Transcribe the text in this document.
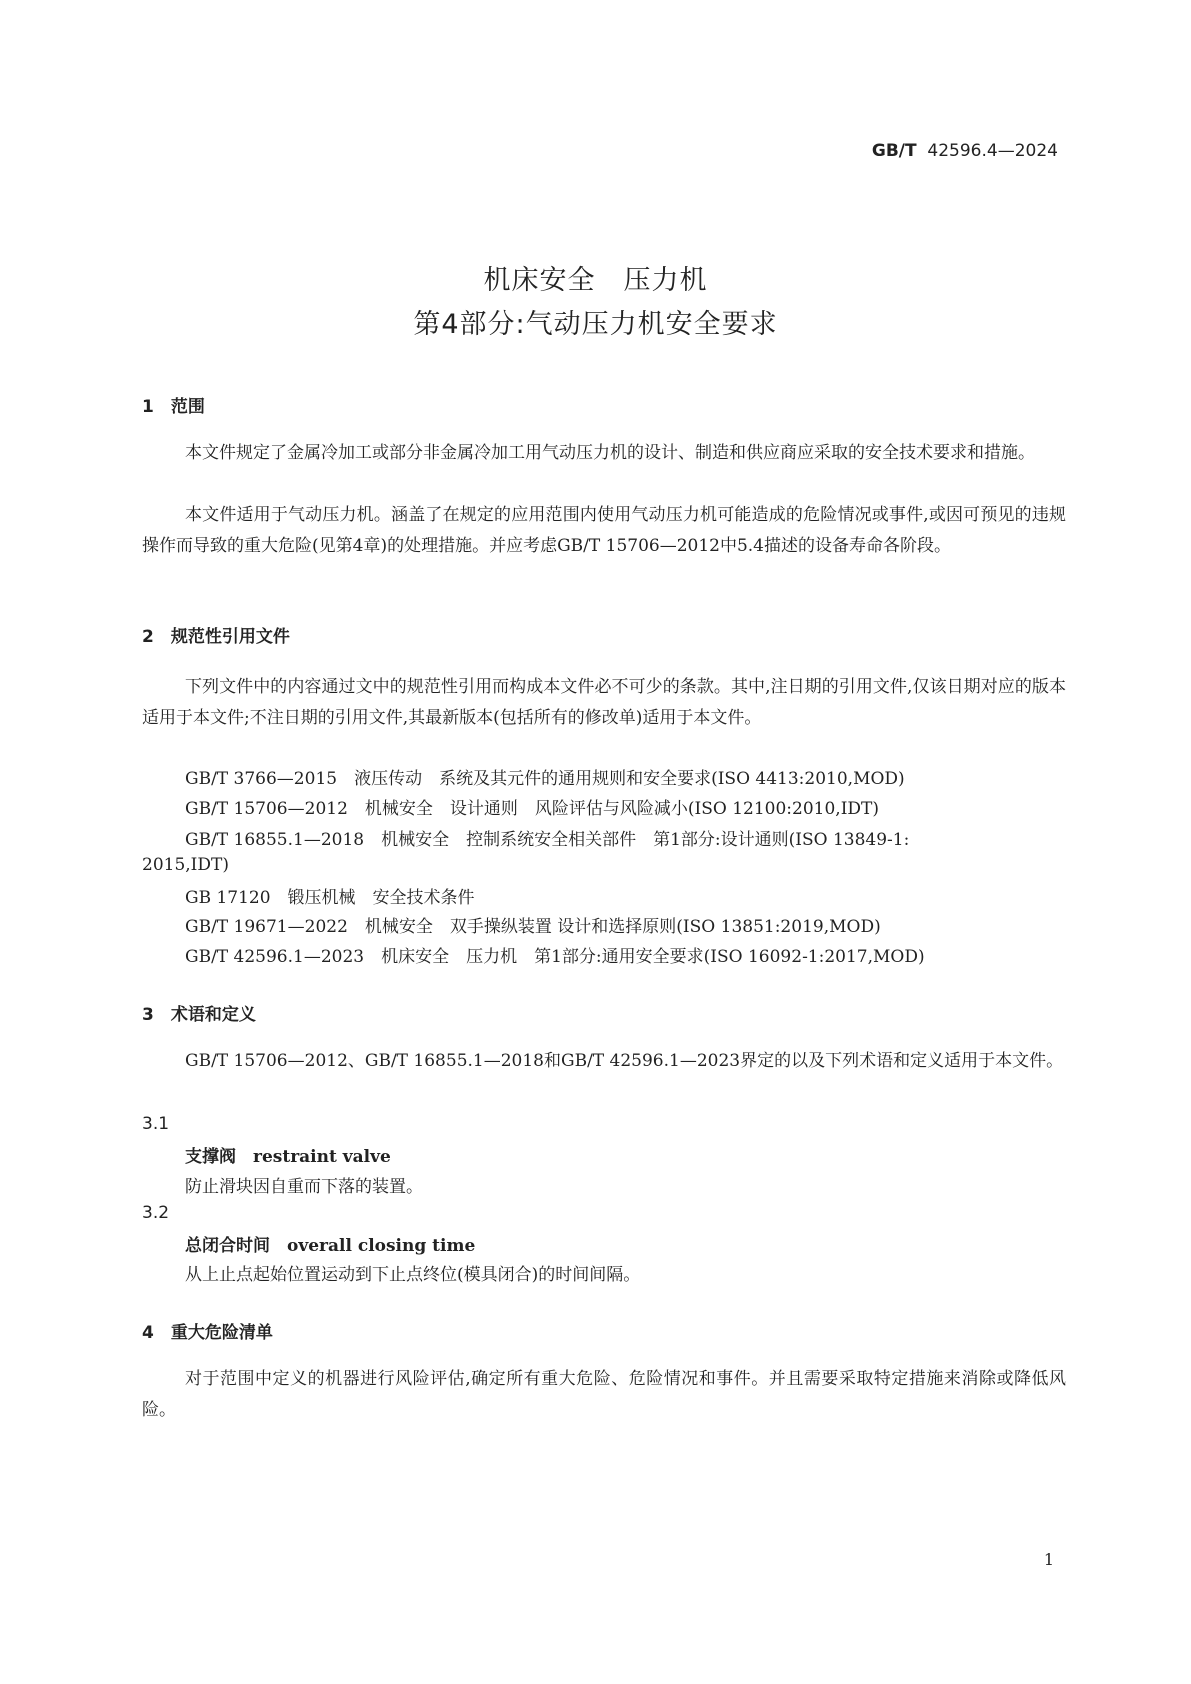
GB/T 42596.4—2024
机床安全　压力机
第4部分:气动压力机安全要求
1　范围

本文件规定了金属冷加工或部分非金属冷加工用气动压力机的设计、制造和供应商应采取的安全技术要求和措施。

本文件适用于气动压力机。涵盖了在规定的应用范围内使用气动压力机可能造成的危险情况或事件,或因可预见的违规操作而导致的重大危险(见第4章)的处理措施。并应考虑GB/T 15706—2012中5.4描述的设备寿命各阶段。

2　规范性引用文件

下列文件中的内容通过文中的规范性引用而构成本文件必不可少的条款。其中,注日期的引用文件,仅该日期对应的版本适用于本文件;不注日期的引用文件,其最新版本(包括所有的修改单)适用于本文件。

GB/T 3766—2015　液压传动　系统及其元件的通用规则和安全要求(ISO 4413:2010,MOD)
GB/T 15706—2012　机械安全　设计通则　风险评估与风险减小(ISO 12100:2010,IDT)
GB/T 16855.1—2018　机械安全　控制系统安全相关部件　第1部分:设计通则(ISO 13849-1:
2015,IDT)
GB 17120　锻压机械　安全技术条件
GB/T 19671—2022　机械安全　双手操纵装置 设计和选择原则(ISO 13851:2019,MOD)
GB/T 42596.1—2023　机床安全　压力机　第1部分:通用安全要求(ISO 16092-1:2017,MOD)
3　术语和定义

GB/T 15706—2012、GB/T 16855.1—2018和GB/T 42596.1—2023界定的以及下列术语和定义适用于本文件。

3.1
支撑阀　 restraint valve
防止滑块因自重而下落的装置。
3.2
总闭合时间　 overall closing time
从上止点起始位置运动到下止点终位(模具闭合)的时间间隔。
4　重大危险清单

对于范围中定义的机器进行风险评估,确定所有重大危险、危险情况和事件。并且需要采取特定措施来消除或降低风险。

1
